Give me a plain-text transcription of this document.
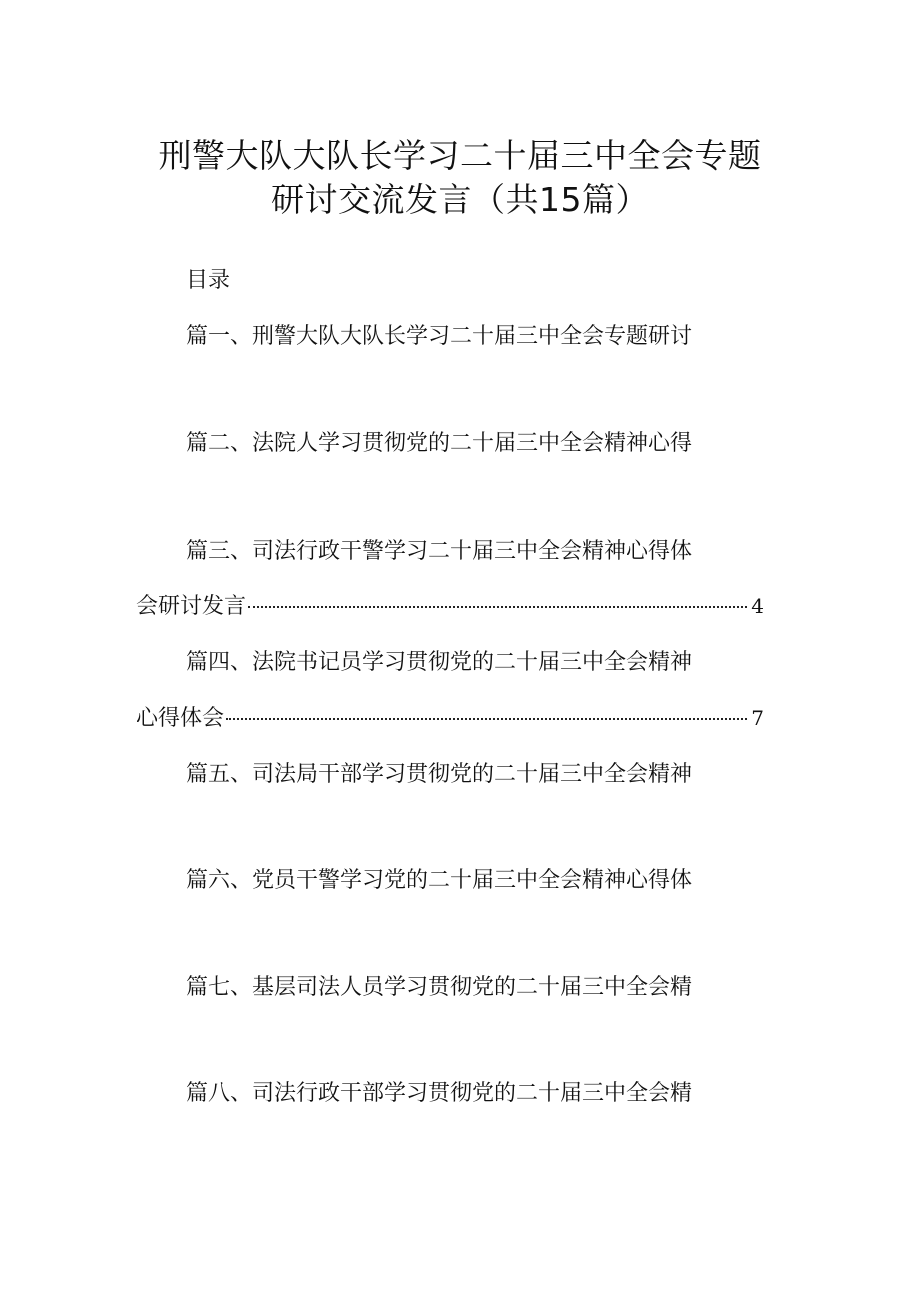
刑警大队大队长学习二十届三中全会专题
研讨交流发言（共15篇）
目录
篇一、刑警大队大队长学习二十届三中全会专题研讨
篇二、法院人学习贯彻党的二十届三中全会精神心得
篇三、司法行政干警学习二十届三中全会精神心得体
会研讨发言	4
篇四、法院书记员学习贯彻党的二十届三中全会精神
心得体会	7
篇五、司法局干部学习贯彻党的二十届三中全会精神
篇六、党员干警学习党的二十届三中全会精神心得体
篇七、基层司法人员学习贯彻党的二十届三中全会精
篇八、司法行政干部学习贯彻党的二十届三中全会精
